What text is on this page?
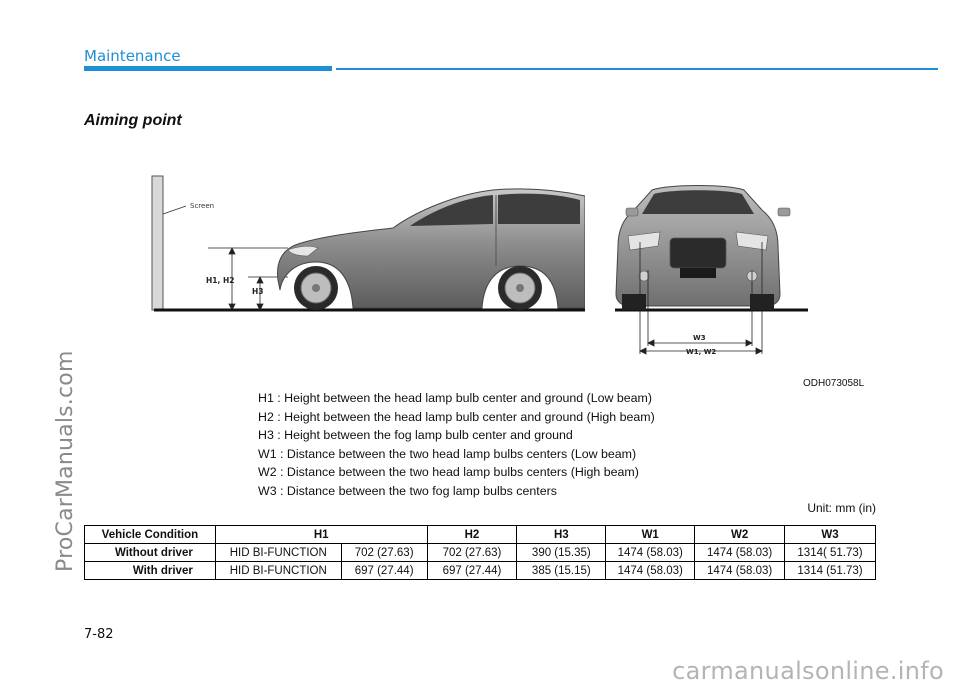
Maintenance
ProCarManuals.com
Aiming point
Screen
H1, H2
H3
W3
W1, W2
ODH073058L
H1 : Height between the head lamp bulb center and ground (Low beam)
H2 : Height between the head lamp bulb center and ground (High beam)
H3 : Height between the fog lamp bulb center and ground
W1 : Distance between the two head lamp bulbs centers (Low beam)
W2 : Distance between the two head lamp bulbs centers (High beam)
W3 : Distance between the two fog lamp bulbs centers
Unit: mm (in)
Vehicle Condition	H1		H2	H3	W1	W2	W3
Without driver	HID BI-FUNCTION	702 (27.63)	702 (27.63)	390 (15.35)	1474 (58.03)	1474 (58.03)	1314( 51.73)
With driver	HID BI-FUNCTION	697 (27.44)	697 (27.44)	385 (15.15)	1474 (58.03)	1474 (58.03)	1314 (51.73)
7-82
carmanualsonline.info
